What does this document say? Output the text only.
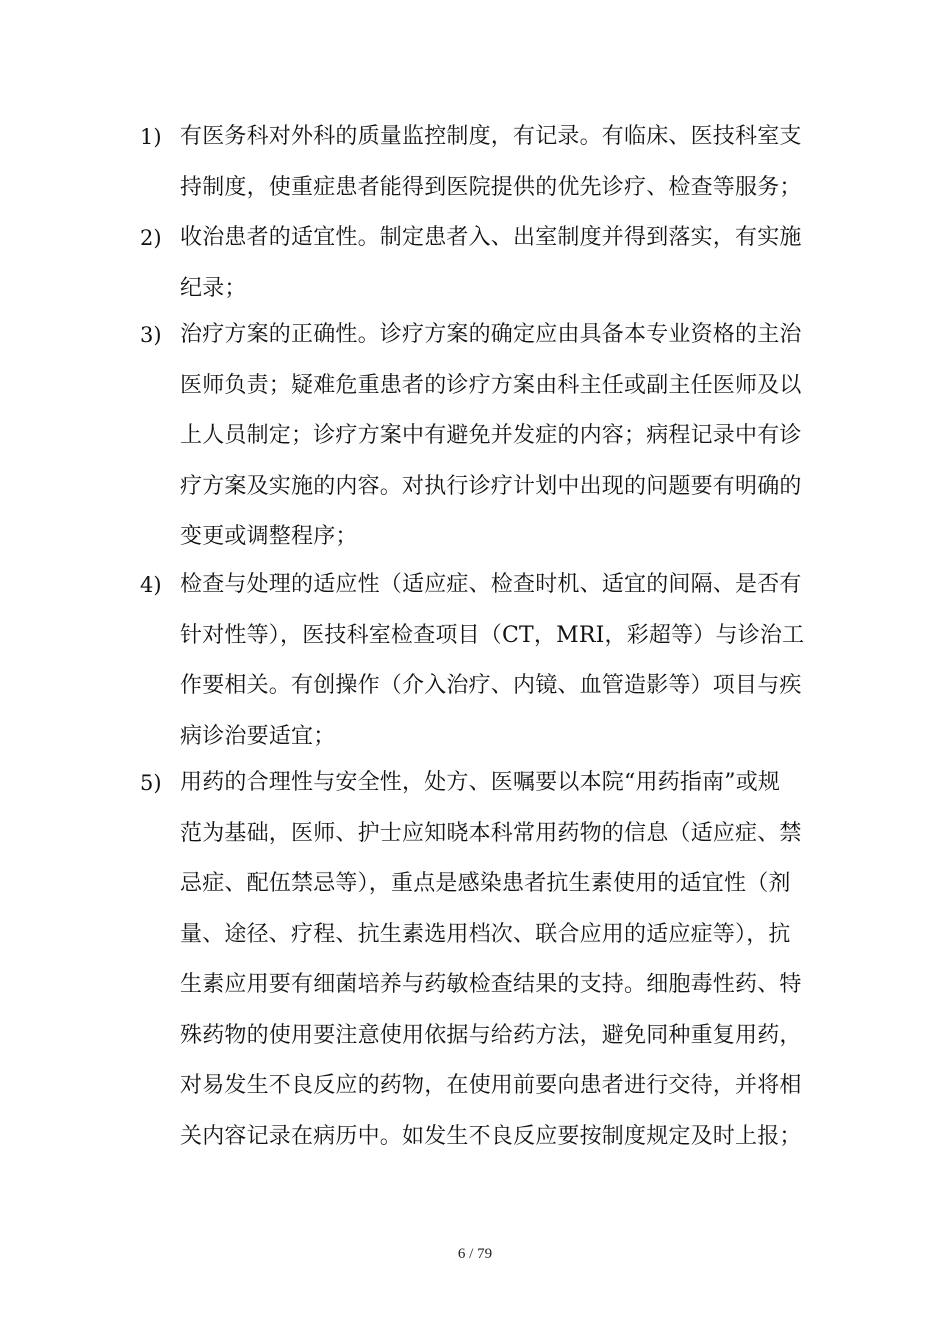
1) 有医务科对外科的质量监控制度，有记录。有临床、医技科室支
持制度，使重症患者能得到医院提供的优先诊疗、检查等服务；
2) 收治患者的适宜性。制定患者入、出室制度并得到落实，有实施
纪录；
3) 治疗方案的正确性。诊疗方案的确定应由具备本专业资格的主治
医师负责；疑难危重患者的诊疗方案由科主任或副主任医师及以
上人员制定；诊疗方案中有避免并发症的内容；病程记录中有诊
疗方案及实施的内容。对执行诊疗计划中出现的问题要有明确的
变更或调整程序；
4) 检查与处理的适应性（适应症、检查时机、适宜的间隔、是否有
针对性等），医技科室检查项目（CT，MRI，彩超等）与诊治工
作要相关。有创操作（介入治疗、内镜、血管造影等）项目与疾
病诊治要适宜；
5) 用药的合理性与安全性，处方、医嘱要以本院“用药指南”或规
范为基础，医师、护士应知晓本科常用药物的信息（适应症、禁
忌症、配伍禁忌等），重点是感染患者抗生素使用的适宜性（剂
量、途径、疗程、抗生素选用档次、联合应用的适应症等），抗
生素应用要有细菌培养与药敏检查结果的支持。细胞毒性药、特
殊药物的使用要注意使用依据与给药方法，避免同种重复用药，
对易发生不良反应的药物，在使用前要向患者进行交待，并将相
关内容记录在病历中。如发生不良反应要按制度规定及时上报；
6 / 79
